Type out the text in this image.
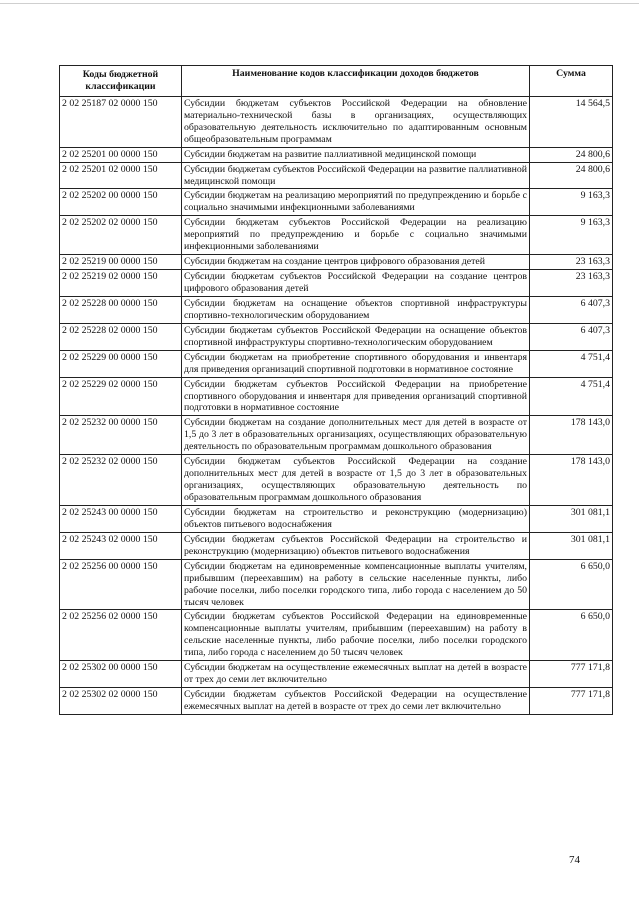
Коды бюджетной классификации	Наименование кодов классификации доходов бюджетов	Сумма
2 02 25187 02 0000 150	Субсидии бюджетам субъектов Российской Федерации на обновление материально-технической базы в организациях, осуществляющих образовательную деятельность исключительно по адаптированным основным общеобразовательным программам	14 564,5
2 02 25201 00 0000 150	Субсидии бюджетам на развитие паллиативной медицинской помощи	24 800,6
2 02 25201 02 0000 150	Субсидии бюджетам субъектов Российской Федерации на развитие паллиативной медицинской помощи	24 800,6
2 02 25202 00 0000 150	Субсидии бюджетам на реализацию мероприятий по предупреждению и борьбе с социально значимыми инфекционными заболеваниями	9 163,3
2 02 25202 02 0000 150	Субсидии бюджетам субъектов Российской Федерации на реализацию мероприятий по предупреждению и борьбе с социально значимыми инфекционными заболеваниями	9 163,3
2 02 25219 00 0000 150	Субсидии бюджетам на создание центров цифрового образования детей	23 163,3
2 02 25219 02 0000 150	Субсидии бюджетам субъектов Российской Федерации на создание центров цифрового образования детей	23 163,3
2 02 25228 00 0000 150	Субсидии бюджетам на оснащение объектов спортивной инфраструктуры спортивно-технологическим оборудованием	6 407,3
2 02 25228 02 0000 150	Субсидии бюджетам субъектов Российской Федерации на оснащение объектов спортивной инфраструктуры спортивно-технологическим оборудованием	6 407,3
2 02 25229 00 0000 150	Субсидии бюджетам на приобретение спортивного оборудования и инвентаря для приведения организаций спортивной подготовки в нормативное состояние	4 751,4
2 02 25229 02 0000 150	Субсидии бюджетам субъектов Российской Федерации на приобретение спортивного оборудования и инвентаря для приведения организаций спортивной подготовки в нормативное состояние	4 751,4
2 02 25232 00 0000 150	Субсидии бюджетам на создание дополнительных мест для детей в возрасте от 1,5 до 3 лет в образовательных организациях, осуществляющих образовательную деятельность по образовательным программам дошкольного образования	178 143,0
2 02 25232 02 0000 150	Субсидии бюджетам субъектов Российской Федерации на создание дополнительных мест для детей в возрасте от 1,5 до 3 лет в образовательных организациях, осуществляющих образовательную деятельность по образовательным программам дошкольного образования	178 143,0
2 02 25243 00 0000 150	Субсидии бюджетам на строительство и реконструкцию (модернизацию) объектов питьевого водоснабжения	301 081,1
2 02 25243 02 0000 150	Субсидии бюджетам субъектов Российской Федерации на строительство и реконструкцию (модернизацию) объектов питьевого водоснабжения	301 081,1
2 02 25256 00 0000 150	Субсидии бюджетам на единовременные компенсационные выплаты учителям, прибывшим (переехавшим) на работу в сельские населенные пункты, либо рабочие поселки, либо поселки городского типа, либо города с населением до 50 тысяч человек	6 650,0
2 02 25256 02 0000 150	Субсидии бюджетам субъектов Российской Федерации на единовременные компенсационные выплаты учителям, прибывшим (переехавшим) на работу в сельские населенные пункты, либо рабочие поселки, либо поселки городского типа, либо города с населением до 50 тысяч человек	6 650,0
2 02 25302 00 0000 150	Субсидии бюджетам на осуществление ежемесячных выплат на детей в возрасте от трех до семи лет включительно	777 171,8
2 02 25302 02 0000 150	Субсидии бюджетам субъектов Российской Федерации на осуществление ежемесячных выплат на детей в возрасте от трех до семи лет включительно	777 171,8
74
